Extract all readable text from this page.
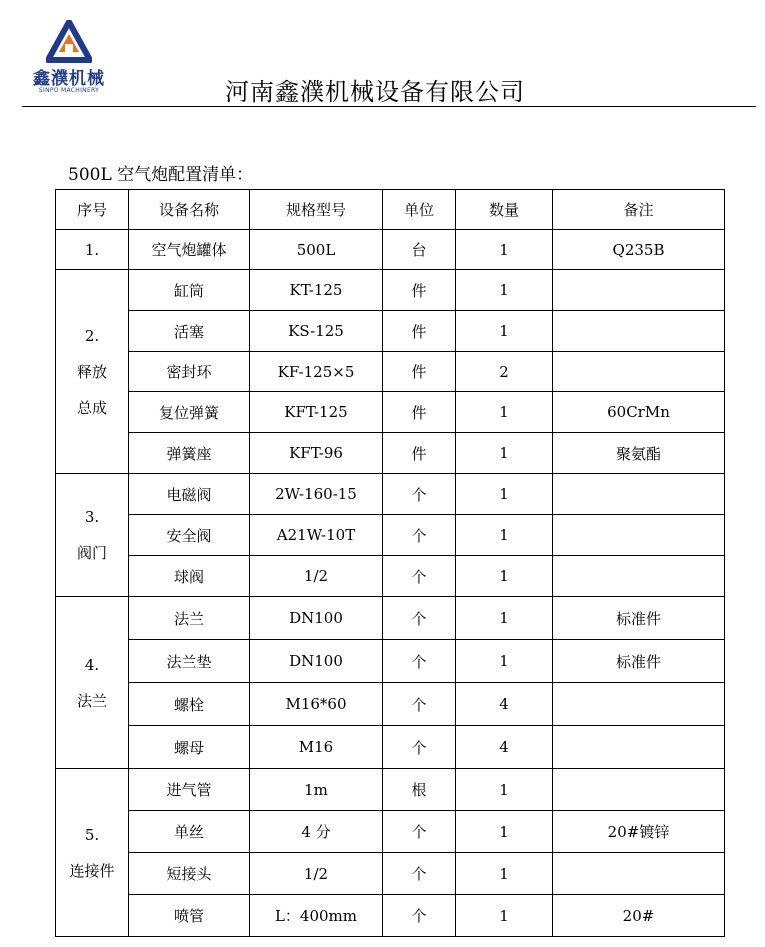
鑫濮机械
SINPO MACHINERY	河南鑫濮机械设备有限公司
500L 空气炮配置清单：
序号	设备名称	规格型号	单位	数量	备注

1.	空气炮罐体	500L	台	1	Q235B

2.
释放总成	缸筒	KT-125	件	1	
	活塞	KS-125	件	1	
	密封环	KF-125×5	件	2	
	复位弹簧	KFT-125	件	1	60CrMn
	弹簧座	KFT-96	件	1	聚氨酯

3.
阀门	电磁阀	2W-160-15	个	1	
	安全阀	A21W-10T	个	1	
	球阀	1/2	个	1	

4.
法兰	法兰	DN100	个	1	标准件
	法兰垫	DN100	个	1	标准件
	螺栓	M16*60	个	4	
	螺母	M16	个	4	

5.
连接件	进气管	1m	根	1	
	单丝	4 分	个	1	20#镀锌
	短接头	1/2	个	1	
	喷管	L：400mm	个	1	20#
